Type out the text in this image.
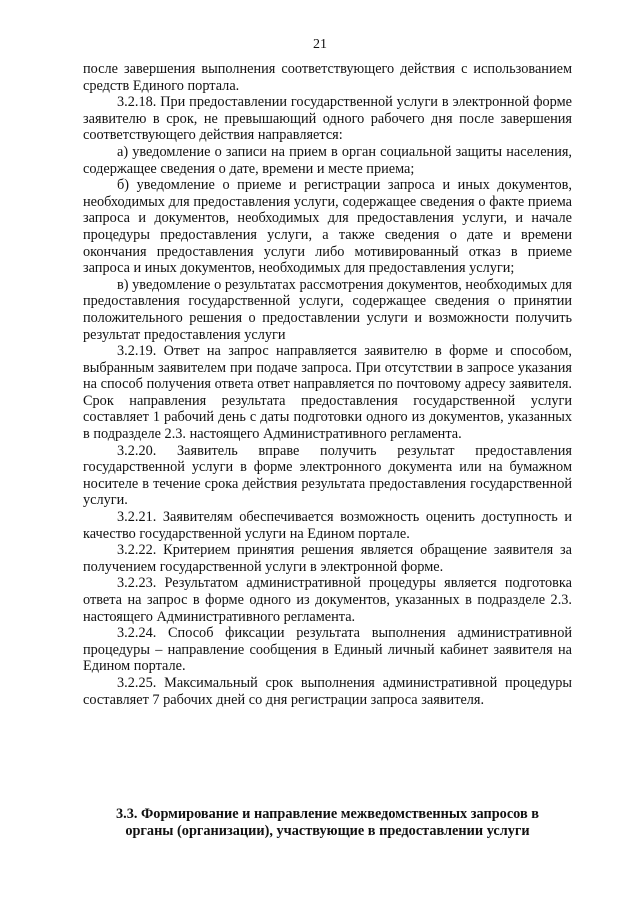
21

после завершения выполнения соответствующего действия с использованием средств Единого портала.

3.2.18. При предоставлении государственной услуги в электронной форме заявителю в срок, не превышающий одного рабочего дня после завершения соответствующего действия направляется:

а) уведомление о записи на прием в орган социальной защиты населения, содержащее сведения о дате, времени и месте приема;

б) уведомление о приеме и регистрации запроса и иных документов, необходимых для предоставления услуги, содержащее сведения о факте приема запроса и документов, необходимых для предоставления услуги, и начале процедуры предоставления услуги, а также сведения о дате и времени окончания предоставления услуги либо мотивированный отказ в приеме запроса и иных документов, необходимых для предоставления услуги;

в) уведомление о результатах рассмотрения документов, необходимых для предоставления государственной услуги, содержащее сведения о принятии положительного решения о предоставлении услуги и возможности получить результат предоставления услуги

3.2.19. Ответ на запрос направляется заявителю в форме и способом, выбранным заявителем при подаче запроса. При отсутствии в запросе указания на способ получения ответа ответ направляется по почтовому адресу заявителя. Срок направления результата предоставления государственной услуги составляет 1 рабочий день с даты подготовки одного из документов, указанных в подразделе 2.3. настоящего Административного регламента.

3.2.20. Заявитель вправе получить результат предоставления государственной услуги в форме электронного документа или на бумажном носителе в течение срока действия результата предоставления государственной услуги.

3.2.21. Заявителям обеспечивается возможность оценить доступность и качество государственной услуги на Едином портале.

3.2.22. Критерием принятия решения является обращение заявителя за получением государственной услуги в электронной форме.

3.2.23. Результатом административной процедуры является подготовка ответа на запрос в форме одного из документов, указанных в подразделе 2.3. настоящего Административного регламента.

3.2.24. Способ фиксации результата выполнения административной процедуры – направление сообщения в Единый личный кабинет заявителя на Едином портале.

3.2.25. Максимальный срок выполнения административной процедуры составляет 7 рабочих дней со дня регистрации запроса заявителя.

3.3. Формирование и направление межведомственных запросов в
органы (организации), участвующие в предоставлении услуги
